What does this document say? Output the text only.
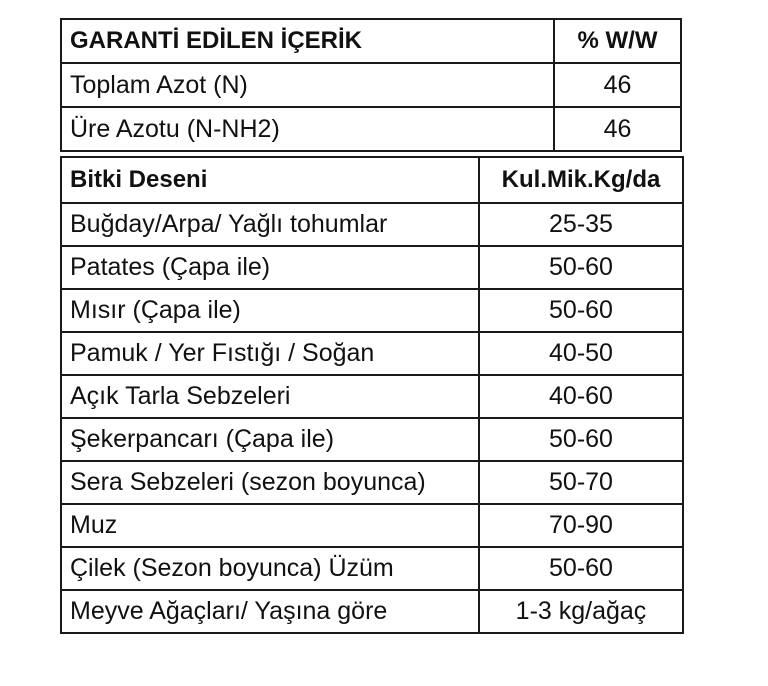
GARANTİ EDİLEN İÇERİK	% W/W
Toplam Azot (N)	46
Üre Azotu (N-NH2)	46
Bitki Deseni	Kul.Mik.Kg/da
Buğday/Arpa/ Yağlı tohumlar	25-35
Patates (Çapa ile)	50-60
Mısır (Çapa ile)	50-60
Pamuk / Yer Fıstığı / Soğan	40-50
Açık Tarla Sebzeleri	40-60
Şekerpancarı (Çapa ile)	50-60
Sera Sebzeleri (sezon boyunca)	50-70
Muz	70-90
Çilek (Sezon boyunca) Üzüm	50-60
Meyve Ağaçları/ Yaşına göre	1-3 kg/ağaç
